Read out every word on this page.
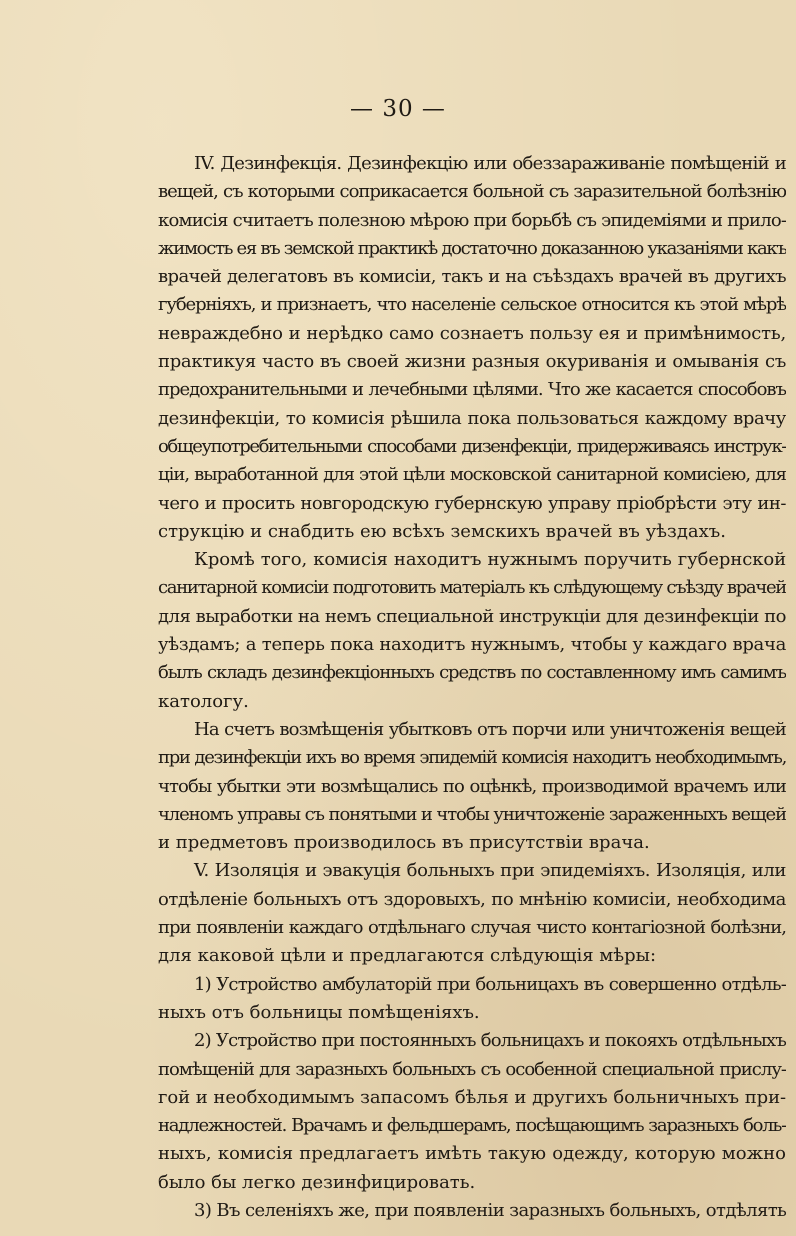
— 30 —
IV. Дезинфекція. Дезинфекцію или обеззараживаніе помѣщеній и
вещей, съ которыми соприкасается больной съ заразительной болѣзнію
комисія считаетъ полезною мѣрою при борьбѣ съ эпидеміями и прило-
жимость ея въ земской практикѣ достаточно доказанною указаніями какъ
врачей делегатовъ въ комисіи, такъ и на съѣздахъ врачей въ другихъ
губерніяхъ, и признаетъ, что населеніе сельское относится къ этой мѣрѣ
невраждебно и нерѣдко само сознаетъ пользу ея и примѣнимость,
практикуя часто въ своей жизни разныя окуриванія и омыванія съ
предохранительными и лечебными цѣлями. Что же касается способовъ
дезинфекціи, то комисія рѣшила пока пользоваться каждому врачу
общеупотребительными способами дизенфекціи, придерживаясь инструк-
ціи, выработанной для этой цѣли московской санитарной комисіею, для
чего и просить новгородскую губернскую управу пріобрѣсти эту ин-
струкцію и снабдить ею всѣхъ земскихъ врачей въ уѣздахъ.
Кромѣ того, комисія находитъ нужнымъ поручить губернской
санитарной комисіи подготовить матеріалъ къ слѣдующему съѣзду врачей
для выработки на немъ специальной инструкціи для дезинфекціи по
уѣздамъ; а теперь пока находитъ нужнымъ, чтобы у каждаго врача
былъ складъ дезинфекціонныхъ средствъ по составленному имъ самимъ
катологу.
На счетъ возмѣщенія убытковъ отъ порчи или уничтоженія вещей
при дезинфекціи ихъ во время эпидемій комисія находитъ необходимымъ,
чтобы убытки эти возмѣщались по оцѣнкѣ, производимой врачемъ или
членомъ управы съ понятыми и чтобы уничтоженіе зараженныхъ вещей
и предметовъ производилось въ присутствіи врача.
V. Изоляція и эвакуція больныхъ при эпидеміяхъ. Изоляція, или
отдѣленіе больныхъ отъ здоровыхъ, по мнѣнію комисіи, необходима
при появленіи каждаго отдѣльнаго случая чисто контагіозной болѣзни,
для каковой цѣли и предлагаются слѣдующія мѣры:
1) Устройство амбулаторій при больницахъ въ совершенно отдѣль-
ныхъ отъ больницы помѣщеніяхъ.
2) Устройство при постоянныхъ больницахъ и покояхъ отдѣльныхъ
помѣщеній для заразныхъ больныхъ съ особенной специальной прислу-
гой и необходимымъ запасомъ бѣлья и другихъ больничныхъ при-
надлежностей. Врачамъ и фельдшерамъ, посѣщающимъ заразныхъ боль-
ныхъ, комисія предлагаетъ имѣть такую одежду, которую можно
было бы легко дезинфицировать.
3) Въ селеніяхъ же, при появленіи заразныхъ больныхъ, отдѣлять
